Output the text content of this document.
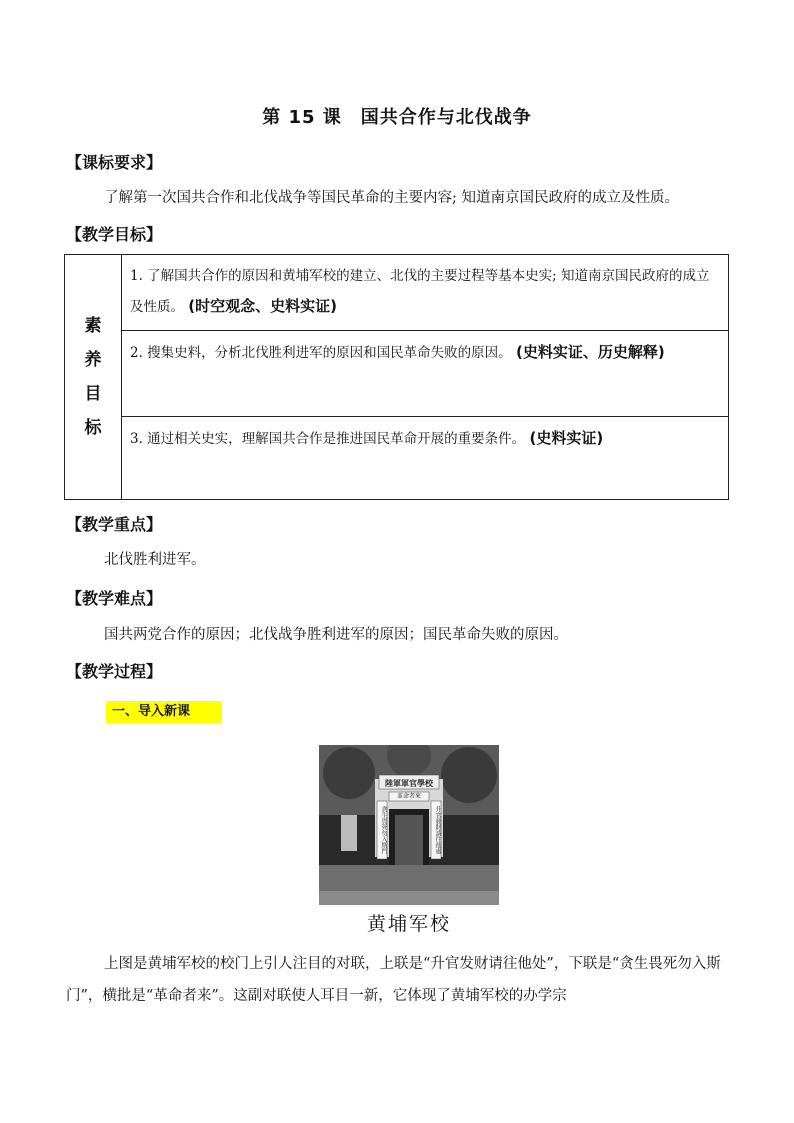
第 15 课　国共合作与北伐战争
【课标要求】
了解第一次国共合作和北伐战争等国民革命的主要内容; 知道南京国民政府的成立及性质。
【教学目标】
素
养
目
标
	1. 了解国共合作的原因和黄埔军校的建立、北伐的主要过程等基本史实; 知道南京国民政府的成立及性质。 (时空观念、史料实证)
2. 搜集史料，分析北伐胜利进军的原因和国民革命失败的原因。 (史料实证、历史解释)
3. 通过相关史实，理解国共合作是推进国民革命开展的重要条件。 (史料实证)
【教学重点】
北伐胜利进军。
【教学难点】
国共两党合作的原因；北伐战争胜利进军的原因；国民革命失败的原因。
【教学过程】
一、导入新课
陸軍軍官學校
革命者來
貪生畏死勿入斯門	升官發財請往他處
黄埔军校
上图是黄埔军校的校门上引人注目的对联，上联是“升官发财请往他处”，下联是“贪生畏死勿入斯门”，横批是“革命者来”。这副对联使人耳目一新，它体现了黄埔军校的办学宗
